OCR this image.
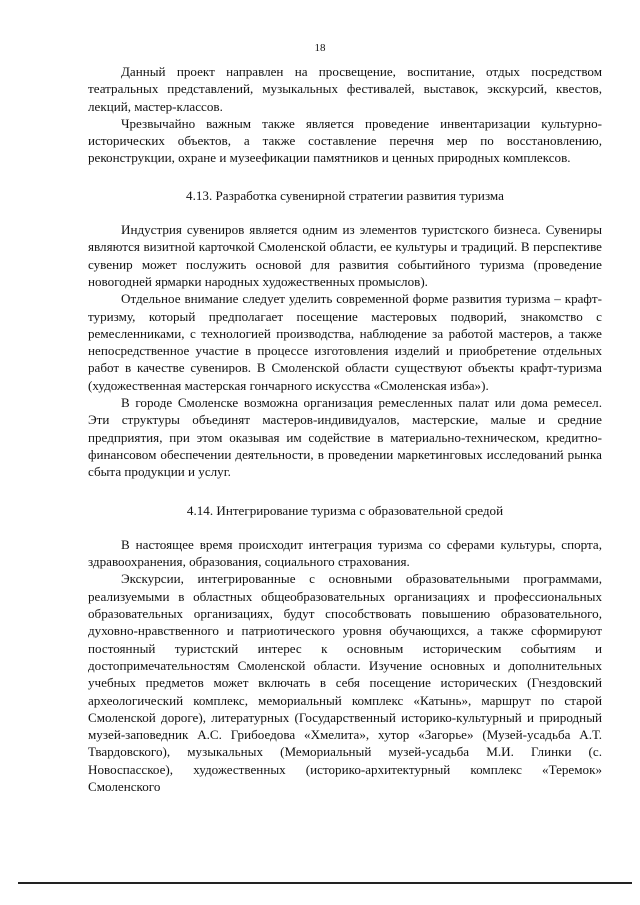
18

Данный проект направлен на просвещение, воспитание, отдых посредством театральных представлений, музыкальных фестивалей, выставок, экскурсий, квестов, лекций, мастер-классов.

Чрезвычайно важным также является проведение инвентаризации культурно-исторических объектов, а также составление перечня мер по восстановлению, реконструкции, охране и музеефикации памятников и ценных природных комплексов.

4.13. Разработка сувенирной стратегии развития туризма

Индустрия сувениров является одним из элементов туристского бизнеса. Сувениры являются визитной карточкой Смоленской области, ее культуры и традиций. В перспективе сувенир может послужить основой для развития событийного туризма (проведение новогодней ярмарки народных художественных промыслов).

Отдельное внимание следует уделить современной форме развития туризма – крафт-туризму, который предполагает посещение мастеровых подворий, знакомство с ремесленниками, с технологией производства, наблюдение за работой мастеров, а также непосредственное участие в процессе изготовления изделий и приобретение отдельных работ в качестве сувениров. В Смоленской области существуют объекты крафт-туризма (художественная мастерская гончарного искусства «Смоленская изба»).

В городе Смоленске возможна организация ремесленных палат или дома ремесел. Эти структуры объединят мастеров-индивидуалов, мастерские, малые и средние предприятия, при этом оказывая им содействие в материально-техническом, кредитно-финансовом обеспечении деятельности, в проведении маркетинговых исследований рынка сбыта продукции и услуг.

4.14. Интегрирование туризма с образовательной средой

В настоящее время происходит интеграция туризма со сферами культуры, спорта, здравоохранения, образования, социального страхования.

Экскурсии, интегрированные с основными образовательными программами, реализуемыми в областных общеобразовательных организациях и профессиональных образовательных организациях, будут способствовать повышению образовательного, духовно-нравственного и патриотического уровня обучающихся, а также сформируют постоянный туристский интерес к основным историческим событиям и достопримечательностям Смоленской области. Изучение основных и дополнительных учебных предметов может включать в себя посещение исторических (Гнездовский археологический комплекс, мемориальный комплекс «Катынь», маршрут по старой Смоленской дороге), литературных (Государственный историко-культурный и природный музей-заповедник А.С. Грибоедова «Хмелита», хутор «Загорье» (Музей-усадьба А.Т. Твардовского), музыкальных (Мемориальный музей-усадьба М.И. Глинки (с. Новоспасское), художественных (историко-архитектурный комплекс «Теремок» Смоленского
